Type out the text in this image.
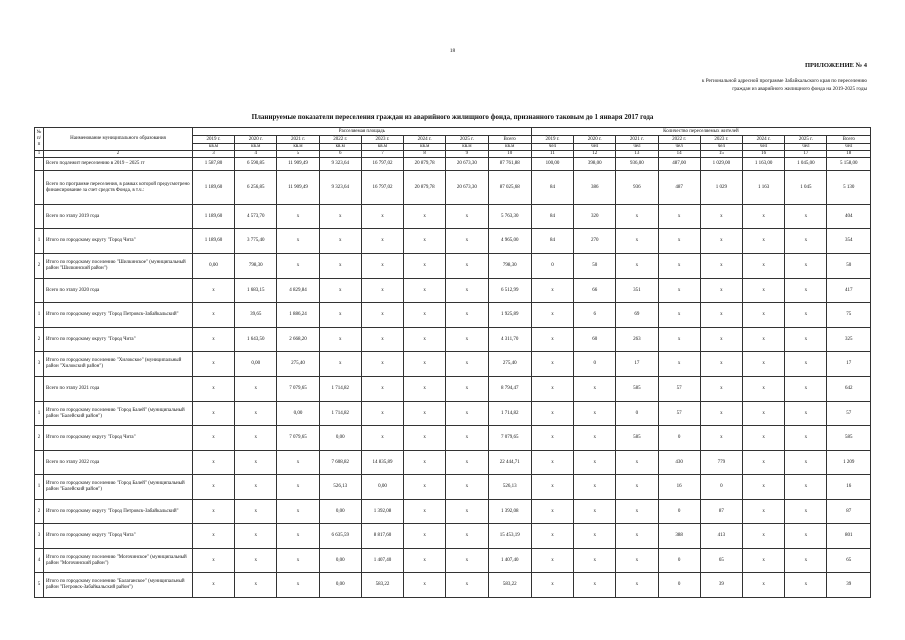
18
ПРИЛОЖЕНИЕ № 4
к Региональной адресной программе Забайкальского края по переселению
граждан из аварийного жилищного фонда на 2019-2025 годы
Планируемые показатели переселения граждан из аварийного жилищного фонда, признанного таковым до 1 января 2017 года
№ п/п	Наименование муниципального образования	Расселяемая площадь								Количество переселяемых жителей							
		2019 г.	2020 г.	2021 г.	2022 г.	2023 г.	2024 г.	2025 г.	Всего	2019 г.	2020 г.	2021 г.	2022 г.	2023 г.	2024 г.	2025 г.	Всего
		кв.м	кв.м	кв.м	кв.м	кв.м	кв.м	кв.м	кв.м	чел	чел	чел	чел	чел	чел	чел	чел
1	2	3	4	5	6	7	8	9	10	11	12	13	14	15	16	17	18
	Всего подлежит переселению в 2019 – 2025 гг	1 587,80	6 590,85	11 909,49	9 323,64	16 797,02	20 879,78	20 673,30	87 761,88	100,00	398,00	936,00	487,00	1 029,00	1 163,00	1 045,00	5 158,00
	Всего по программе переселения, в рамках которой предусмотрено финансирование за счет средств Фонда, в т.ч.:	1 189,60	6 256,85	11 909,49	9 323,64	16 797,02	20 879,78	20 673,30	87 025,68	84	386	936	487	1 029	1 163	1 045	5 130
	Всего по этапу 2019 года	1 189,60	4 573,70	x	x	x	x	x	5 763,30	84	320	x	x	x	x	x	404
1	Итого по городскому округу "Город Чита"	1 189,60	3 775,40	x	x	x	x	x	4 965,00	84	270	x	x	x	x	x	354
2	Итого по городскому поселению "Шилкинское" (муниципальный район "Шилкинский район")	0,00	798,30	x	x	x	x	x	798,30	0	50	x	x	x	x	x	50
	Всего по этапу 2020 года	x	1 683,15	4 829,84	x	x	x	x	6 512,99	x	66	351	x	x	x	x	417
1	Итого по городскому округу "Город Петровск-Забайкальский"	x	39,65	1 886,24	x	x	x	x	1 925,89	x	6	69	x	x	x	x	75
2	Итого по городскому округу "Город Чита"	x	1 643,50	2 668,20	x	x	x	x	4 311,70	x	60	263	x	x	x	x	325
3	Итого по городскому поселению "Хилокское" (муниципальный район "Хилокский район")	x	0,00	275,40	x	x	x	x	275,40	x	0	17	x	x	x	x	17
	Всего по этапу 2021 года	x	x	7 079,65	1 714,82	x	x	x	8 794,47	x	x	585	57	x	x	x	642
1	Итого по городскому поселению "Город Балей" (муниципальный район "Балейский район")	x	x	0,00	1 714,82	x	x	x	1 714,82	x	x	0	57	x	x	x	57
2	Итого по городскому округу "Город Чита"	x	x	7 079,65	0,00	x	x	x	7 079,65	x	x	585	0	x	x	x	585
	Всего по этапу 2022 года	x	x	x	7 608,82	14 835,89	x	x	22 444,71	x	x	x	430	779	x	x	1 209
1	Итого по городскому поселению "Город Балей" (муниципальный район "Балейский район")	x	x	x	526,13	0,00	x	x	526,13	x	x	x	16	0	x	x	16
2	Итого по городскому округу "Город Петровск-Забайкальский"	x	x	x	0,00	1 392,08	x	x	1 392,08	x	x	x	0	87	x	x	87
3	Итого по городскому округу "Город Чита"	x	x	x	6 635,59	8 817,60	x	x	15 453,19	x	x	x	388	413	x	x	801
4	Итого по городскому поселению "Могочинское" (муниципальный район "Могочинский район")	x	x	x	0,00	1 407,40	x	x	1 407,40	x	x	x	0	65	x	x	65
5	Итого по городскому поселению "Балаганское" (муниципальный район "Петровск-Забайкальский район")	x	x	x	0,00	583,22	x	x	583,22	x	x	x	0	39	x	x	39
